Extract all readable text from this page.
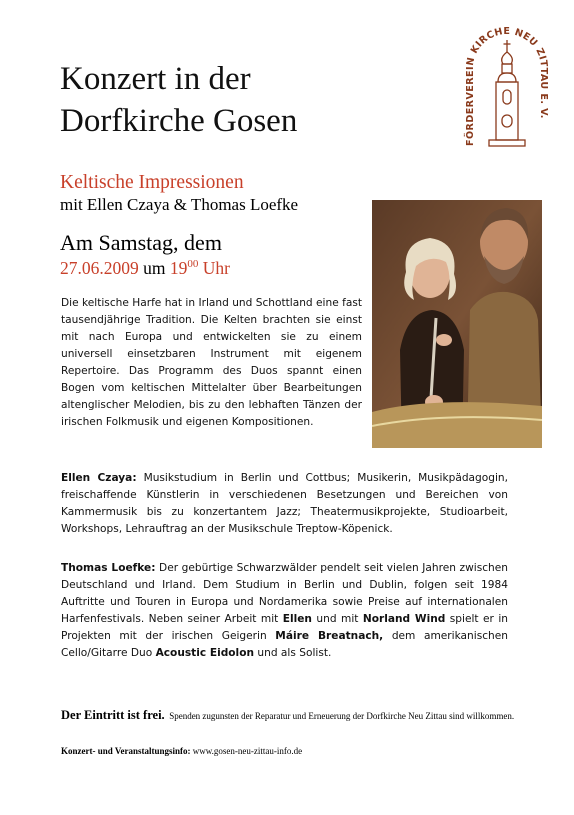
Konzert in der
Dorfkirche Gosen
FÖRDERVEREIN KIRCHE NEU ZITTAU E. V.
Keltische Impressionen
mit Ellen Czaya & Thomas Loefke
Am Samstag, dem
27.06.2009 um $19^{00}$ Uhr
Die keltische Harfe hat in Irland und Schottland eine fast tausendjährige Tradition. Die Kelten brachten sie einst mit nach Europa und entwickelten sie zu einem universell einsetzbaren Instrument mit eigenem Repertoire. Das Programm des Duos spannt einen Bogen vom keltischen Mittelalter über Bearbeitungen altenglischer Melodien, bis zu den lebhaften Tänzen der irischen Folkmusik und eigenen Kompositionen.
Ellen Czaya: Musikstudium in Berlin und Cottbus; Musikerin, Musikpädagogin, freischaffende Künstlerin in verschiedenen Besetzungen und Bereichen von Kammermusik bis zu konzertantem Jazz; Theatermusikprojekte, Studioarbeit, Workshops, Lehrauftrag an der Musikschule Treptow-Köpenick.
Thomas Loefke: Der gebürtige Schwarzwälder pendelt seit vielen Jahren zwischen Deutschland und Irland. Dem Studium in Berlin und Dublin, folgen seit 1984 Auftritte und Touren in Europa und Nordamerika sowie Preise auf internationalen Harfenfestivals. Neben seiner Arbeit mit Ellen und mit Norland Wind spielt er in Projekten mit der irischen Geigerin Máire Breatnach, dem amerikanischen Cello/Gitarre Duo Acoustic Eidolon und als Solist.
Der Eintritt ist frei. Spenden zugunsten der Reparatur und Erneuerung der Dorfkirche Neu Zittau sind willkommen.
Konzert- und Veranstaltungsinfo: www.gosen-neu-zittau-info.de
